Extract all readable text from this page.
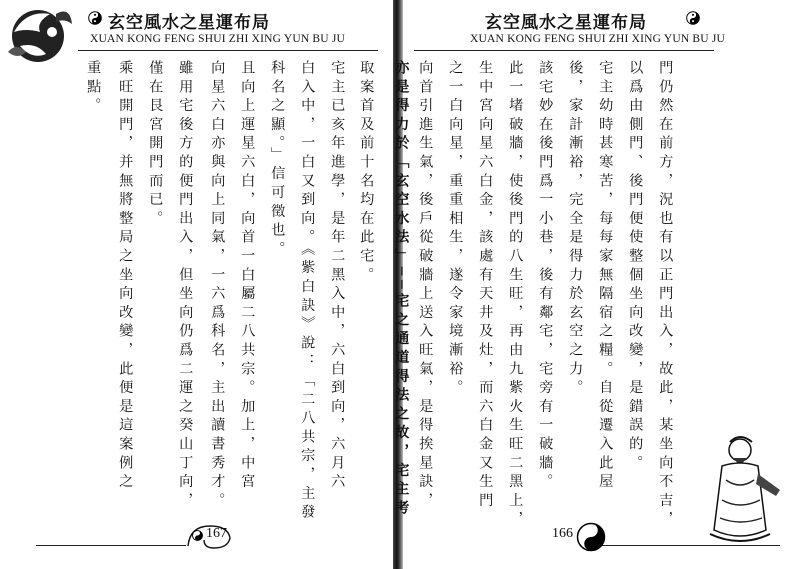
玄空風水之星運布局
XUAN KONG FENG SHUI ZHI XING YUN BU JU
取案首及前十名均在此宅。
宅主已亥年進學，是年二黑入中，六白到向，六月六
白入中，一白又到向。《紫白訣》說：「二八共宗，主發
科名之顯。」信可徵也。
且向上運星六白，向首一白屬二八共宗。加上，中宮
向星六白亦與向上同氣，一六爲科名，主出讀書秀才。
雖用宅後方的便門出入，但坐向仍爲二運之癸山丁向，
僅在艮宮開門而已。
乘旺開門，并無將整局之坐向改變，此便是這案例之
重點。
167
玄空風水之星運布局
XUAN KONG FENG SHUI ZHI XING YUN BU JU
門仍然在前方，況也有以正門出入，故此，某坐向不吉，
以爲由側門、後門便使整個坐向改變，是錯誤的。
宅主幼時甚寒苦，每每家無隔宿之糧。自從遷入此屋
後，家計漸裕，完全是得力於玄空之力。
該宅妙在後門爲一小巷，後有鄰宅，宅旁有一破牆。
此一堵破牆，使後門的八生旺，再由九紫火生旺二黑上，
生中宮向星六白金，該處有天井及灶，而六白金又生門
之一白向星，重重相生，遂令家境漸裕。
向首引進生氣，後戶從破牆上送入旺氣，是得挨星訣，
亦是得力於「玄空水法」──宅之通道得法之故，宅主考
166
